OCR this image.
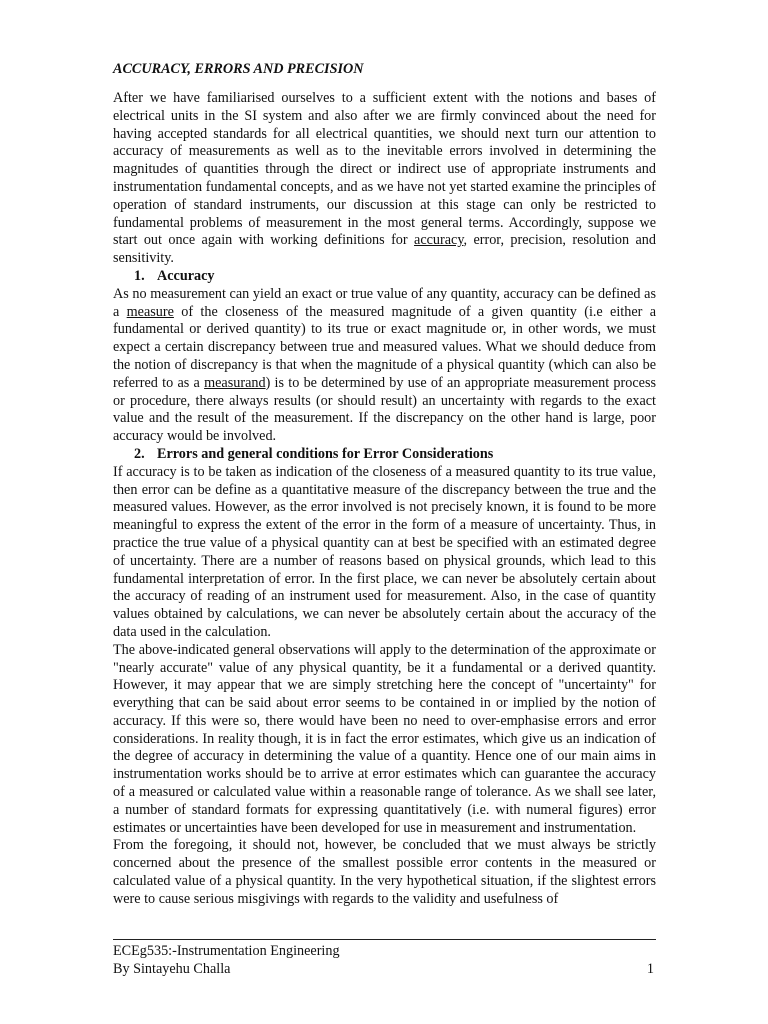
ACCURACY, ERRORS AND PRECISION

After we have familiarised ourselves to a sufficient extent with the notions and bases of electrical units in the SI system and also after we are firmly convinced about the need for having accepted standards for all electrical quantities, we should next turn our attention to accuracy of measurements as well as to the inevitable errors involved in determining the magnitudes of quantities through the direct or indirect use of appropriate instruments and instrumentation fundamental concepts, and as we have not yet started examine the principles of operation of standard instruments, our discussion at this stage can only be restricted to fundamental problems of measurement in the most general terms. Accordingly, suppose we start out once again with working definitions for accuracy, error, precision, resolution and sensitivity.

1. Accuracy

As no measurement can yield an exact or true value of any quantity, accuracy can be defined as a measure of the closeness of the measured magnitude of a given quantity (i.e either a fundamental or derived quantity) to its true or exact magnitude or, in other words, we must expect a certain discrepancy between true and measured values. What we should deduce from the notion of discrepancy is that when the magnitude of a physical quantity (which can also be referred to as a measurand) is to be determined by use of an appropriate measurement process or procedure, there always results (or should result) an uncertainty with regards to the exact value and the result of the measurement. If the discrepancy on the other hand is large, poor accuracy would be involved.

2. Errors and general conditions for Error Considerations

If accuracy is to be taken as indication of the closeness of a measured quantity to its true value, then error can be define as a quantitative measure of the discrepancy between the true and the measured values. However, as the error involved is not precisely known, it is found to be more meaningful to express the extent of the error in the form of a measure of uncertainty. Thus, in practice the true value of a physical quantity can at best be specified with an estimated degree of uncertainty. There are a number of reasons based on physical grounds, which lead to this fundamental interpretation of error. In the first place, we can never be absolutely certain about the accuracy of reading of an instrument used for measurement. Also, in the case of quantity values obtained by calculations, we can never be absolutely certain about the accuracy of the data used in the calculation.

The above-indicated general observations will apply to the determination of the approximate or "nearly accurate" value of any physical quantity, be it a fundamental or a derived quantity. However, it may appear that we are simply stretching here the concept of "uncertainty" for everything that can be said about error seems to be contained in or implied by the notion of accuracy. If this were so, there would have been no need to over-emphasise errors and error considerations. In reality though, it is in fact the error estimates, which give us an indication of the degree of accuracy in determining the value of a quantity. Hence one of our main aims in instrumentation works should be to arrive at error estimates which can guarantee the accuracy of a measured or calculated value within a reasonable range of tolerance. As we shall see later, a number of standard formats for expressing quantitatively (i.e. with numeral figures) error estimates or uncertainties have been developed for use in measurement and instrumentation.

From the foregoing, it should not, however, be concluded that we must always be strictly concerned about the presence of the smallest possible error contents in the measured or calculated value of a physical quantity. In the very hypothetical situation, if the slightest errors were to cause serious misgivings with regards to the validity and usefulness of

ECEg535:-Instrumentation Engineering
By Sintayehu Challa	1
